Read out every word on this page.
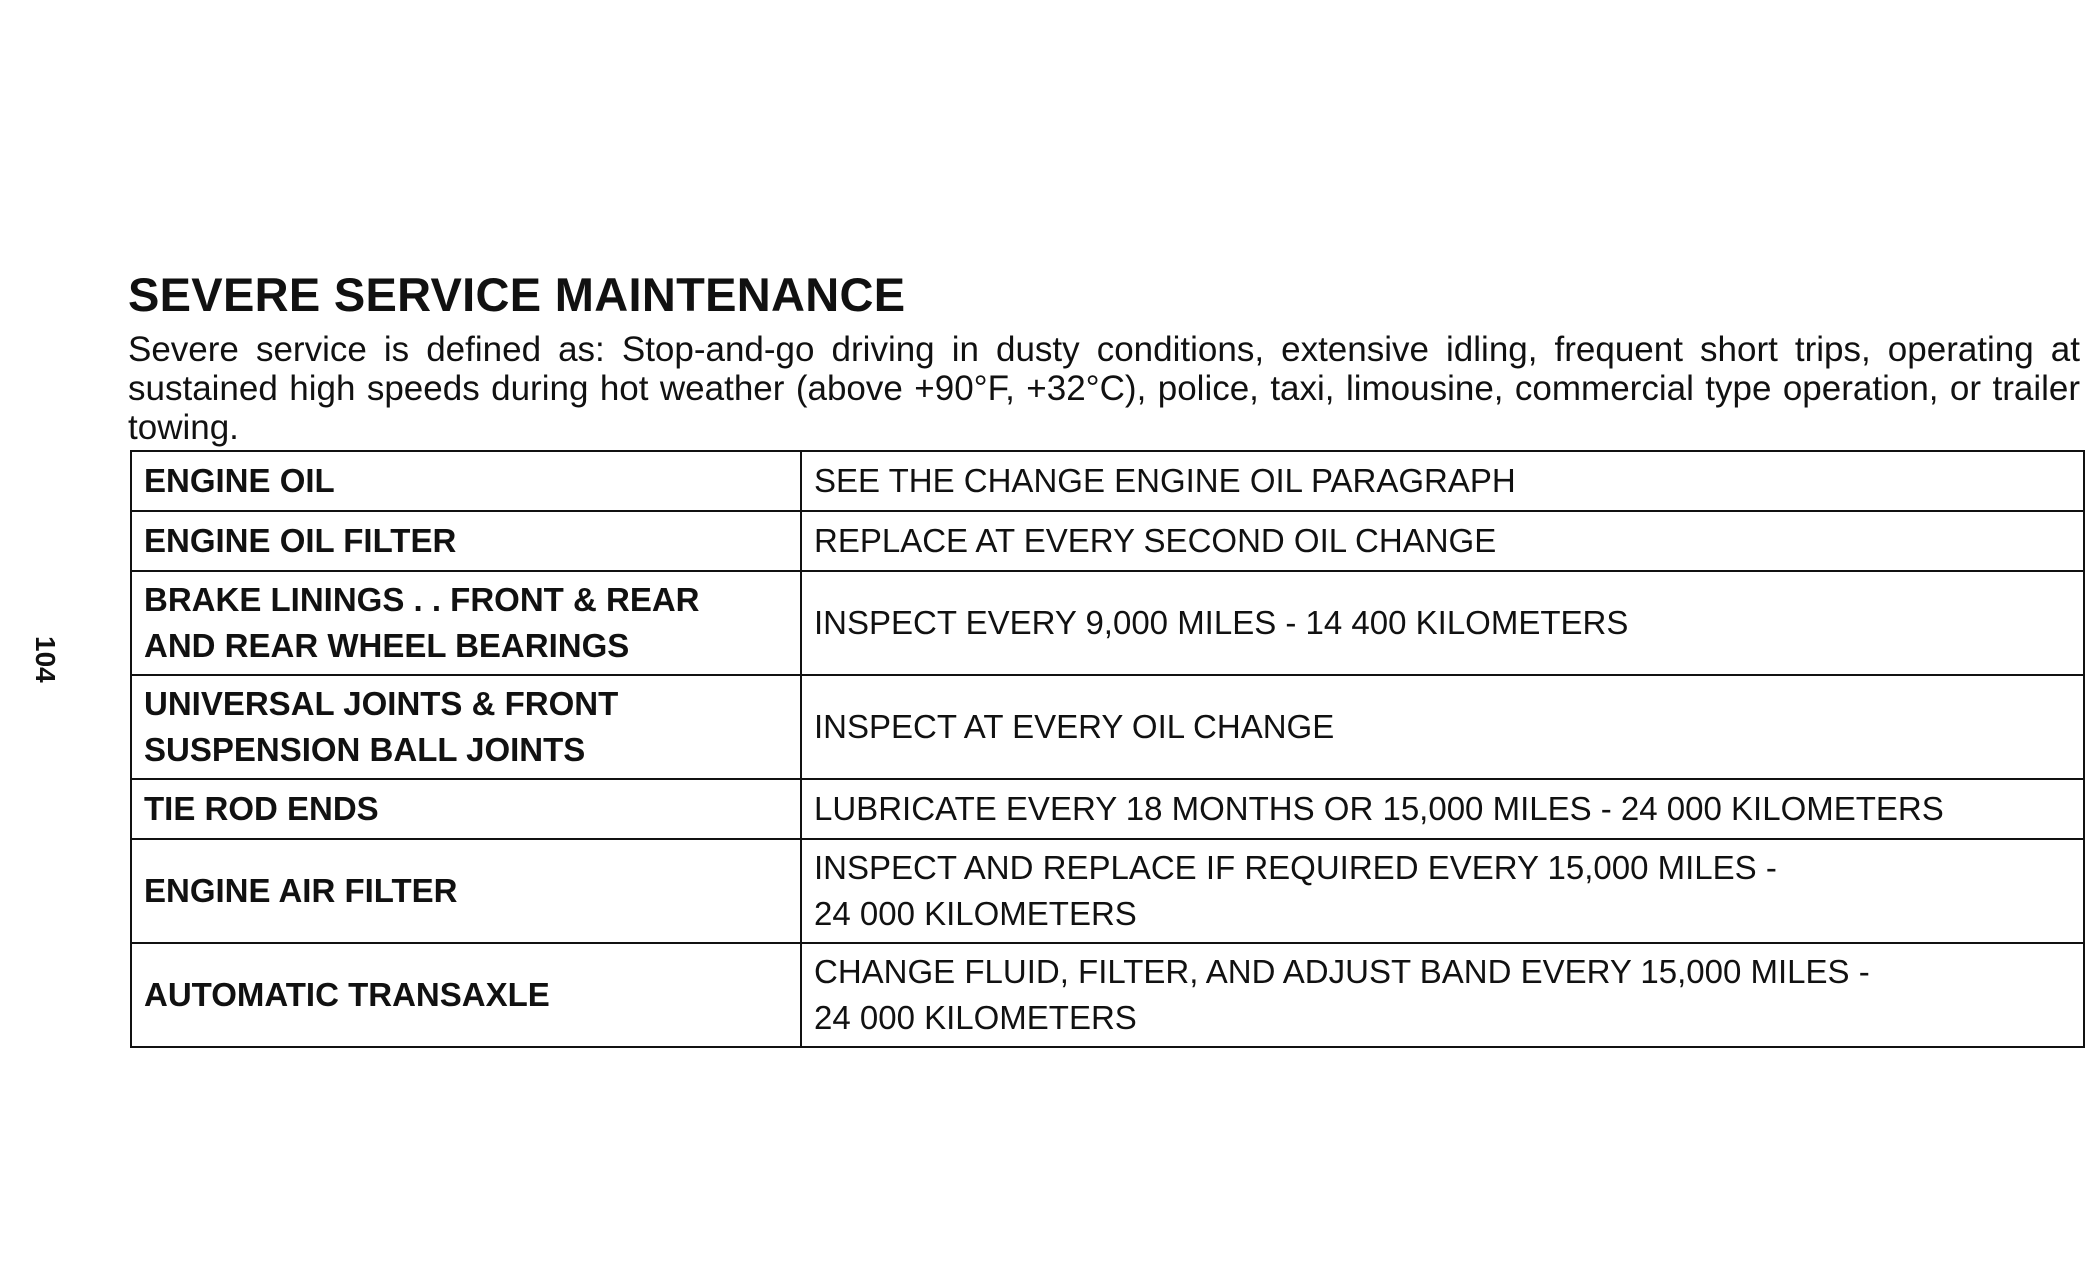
104
SEVERE SERVICE MAINTENANCE

Severe service is defined as: Stop-and-go driving in dusty conditions, extensive idling, frequent short trips, operating at sustained high speeds during hot weather (above +90°F, +32°C), police, taxi, limousine, commercial type operation, or trailer towing.

ENGINE OIL	SEE THE CHANGE ENGINE OIL PARAGRAPH

ENGINE OIL FILTER	REPLACE AT EVERY SECOND OIL CHANGE

BRAKE LININGS . . FRONT & REAR
AND REAR WHEEL BEARINGS	INSPECT EVERY 9,000 MILES - 14 400 KILOMETERS

UNIVERSAL JOINTS & FRONT
SUSPENSION BALL JOINTS	INSPECT AT EVERY OIL CHANGE

TIE ROD ENDS	LUBRICATE EVERY 18 MONTHS OR 15,000 MILES - 24 000 KILOMETERS

ENGINE AIR FILTER	INSPECT AND REPLACE IF REQUIRED EVERY 15,000 MILES -
24 000 KILOMETERS

AUTOMATIC TRANSAXLE	CHANGE FLUID, FILTER, AND ADJUST BAND EVERY 15,000 MILES -
24 000 KILOMETERS
